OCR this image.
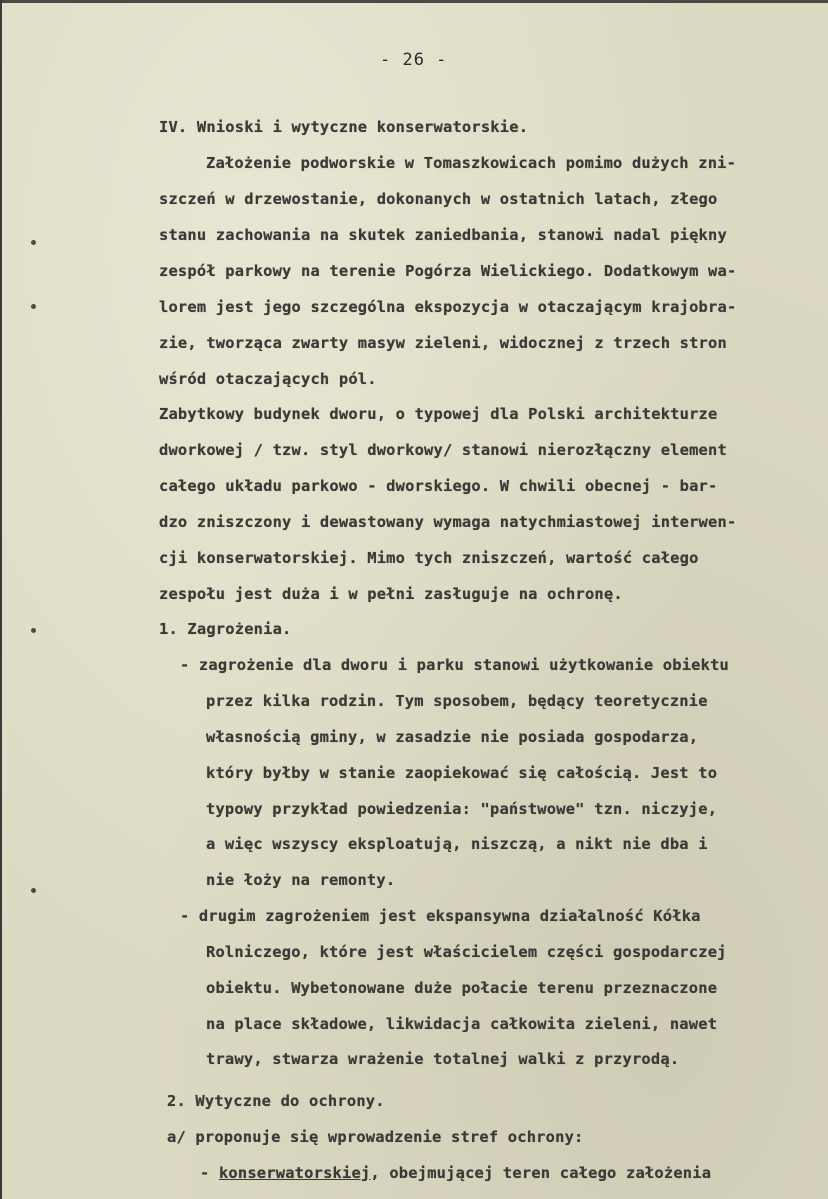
- 26 -
IV. Wnioski i wytyczne konserwatorskie.
Założenie podworskie w Tomaszkowicach pomimo dużych zni-
szczeń w drzewostanie, dokonanych w ostatnich latach, złego
stanu zachowania na skutek zaniedbania, stanowi nadal piękny
zespół parkowy na terenie Pogórza Wielickiego. Dodatkowym wa-
lorem jest jego szczególna ekspozycja w otaczającym krajobra-
zie, tworząca zwarty masyw zieleni, widocznej z trzech stron
wśród otaczających pól.
Zabytkowy budynek dworu, o typowej dla Polski architekturze
dworkowej / tzw. styl dworkowy/ stanowi nierozłączny element
całego układu parkowo - dworskiego. W chwili obecnej - bar-
dzo zniszczony i dewastowany wymaga natychmiastowej interwen-
cji konserwatorskiej. Mimo tych zniszczeń, wartość całego
zespołu jest duża i w pełni zasługuje na ochronę.
1. Zagrożenia.
- zagrożenie dla dworu i parku stanowi użytkowanie obiektu
przez kilka rodzin. Tym sposobem, będący teoretycznie
własnością gminy, w zasadzie nie posiada gospodarza,
który byłby w stanie zaopiekować się całością. Jest to
typowy przykład powiedzenia: "państwowe" tzn. niczyje,
a więc wszyscy eksploatują, niszczą, a nikt nie dba i
nie łoży na remonty.
- drugim zagrożeniem jest ekspansywna działalność Kółka
Rolniczego, które jest właścicielem części gospodarczej
obiektu. Wybetonowane duże połacie terenu przeznaczone
na place składowe, likwidacja całkowita zieleni, nawet
trawy, stwarza wrażenie totalnej walki z przyrodą.
2. Wytyczne do ochrony.
a/ proponuje się wprowadzenie stref ochrony:
- konserwatorskiej, obejmującej teren całego założenia
